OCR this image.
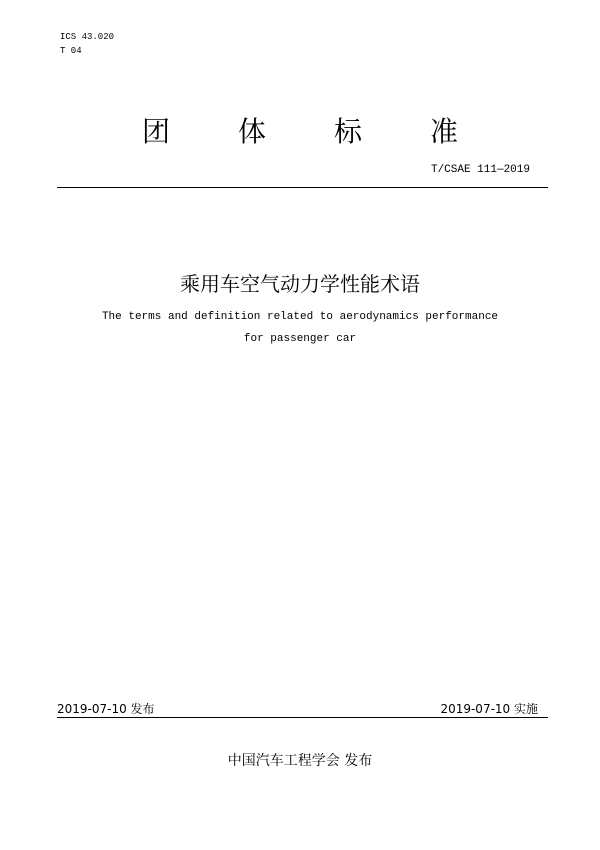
ICS 43.020
T 04
团 体 标 准
T/CSAE 111—2019
乘用车空气动力学性能术语
The terms and definition related to aerodynamics performance
for passenger car
2019-07-10 发布	2019-07-10 实施
中国汽车工程学会 发布
